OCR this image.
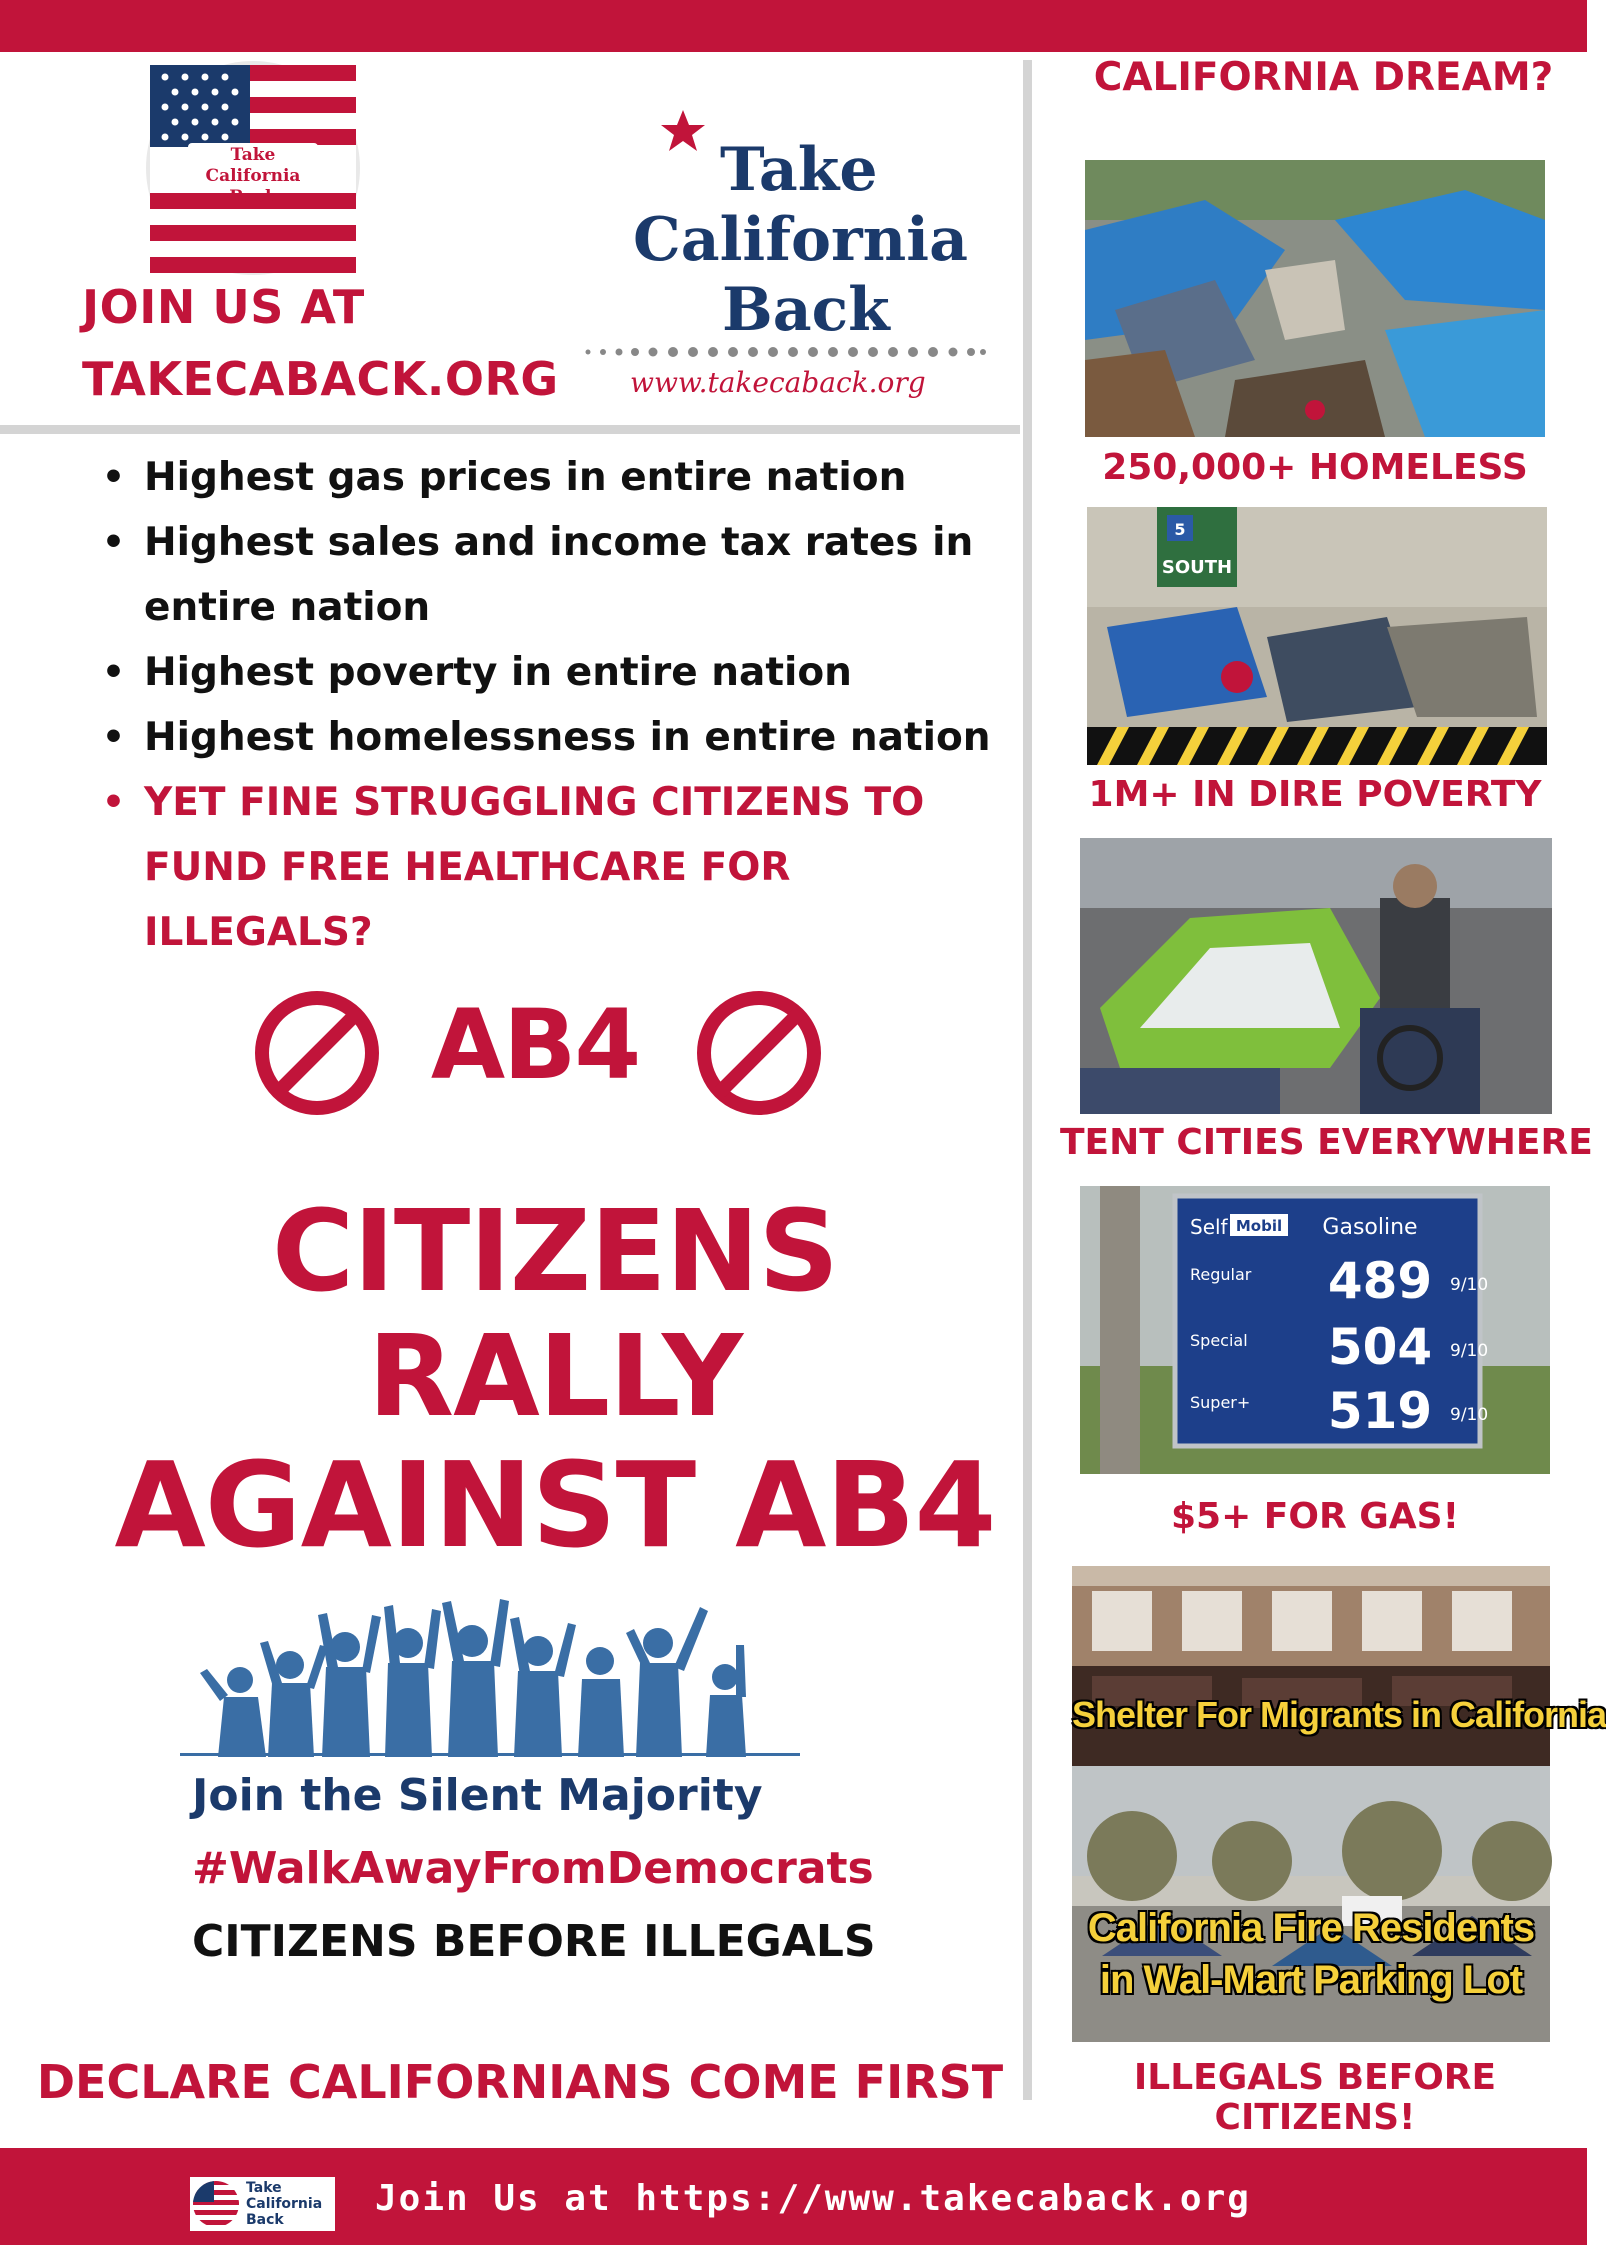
Take California Back
JOIN US AT
TAKECABACK.ORG
Take
California
Back
www.takecaback.org
• Highest gas prices in entire nation
• Highest sales and income tax rates in entire nation
• Highest poverty in entire nation
• Highest homelessness in entire nation
• YET FINE STRUGGLING CITIZENS TO FUND FREE HEALTHCARE FOR ILLEGALS?
AB4
CITIZENS
RALLY
AGAINST AB4
Join the Silent Majority
#WalkAwayFromDemocrats
CITIZENS BEFORE ILLEGALS
DECLARE CALIFORNIANS COME FIRST
CALIFORNIA DREAM?
250,000+ HOMELESS
5
SOUTH
1M+ IN DIRE POVERTY
TENT CITIES EVERYWHERE
Self Mobil Gasoline
Regular 489 9/10
Special 504 9/10
Super+ 519 9/10
$5+ FOR GAS!
Shelter For Migrants in California
California Fire Residents
in Wal-Mart Parking Lot
ILLEGALS BEFORE
CITIZENS!
Take California Back
Join Us at https://www.takecaback.org
